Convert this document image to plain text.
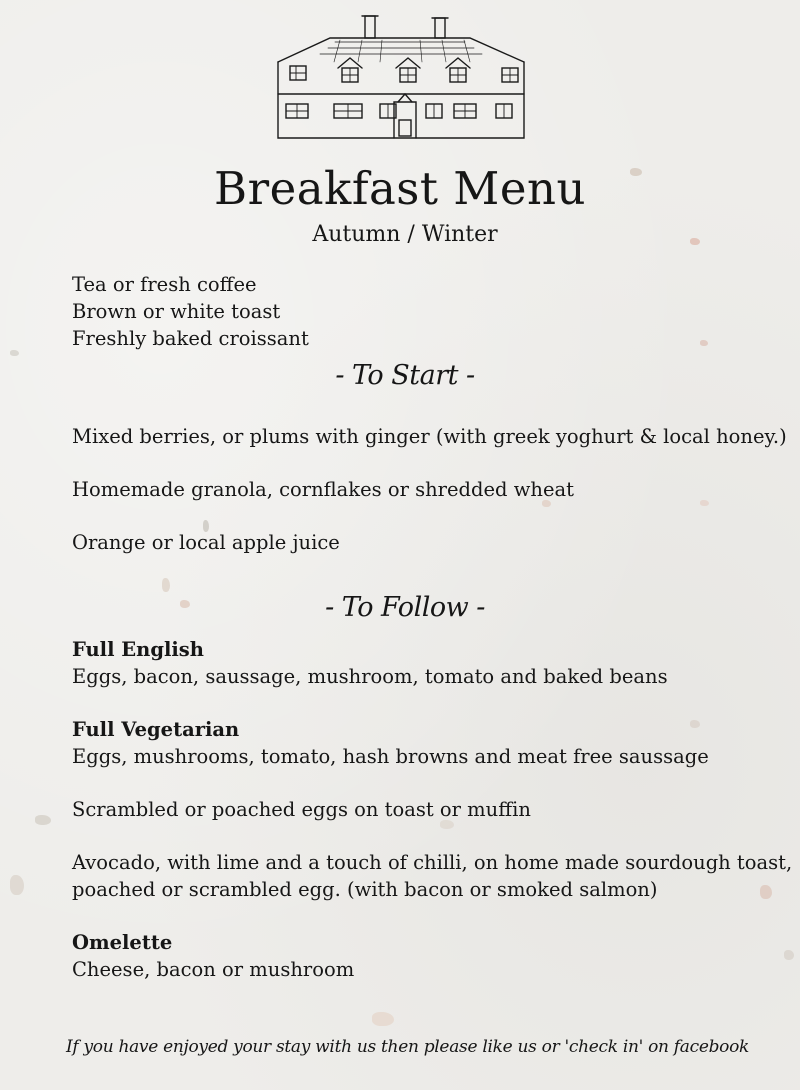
Breakfast Menu
Autumn / Winter
Tea or fresh coffee
Brown or white toast
Freshly baked croissant
- To Start -
Mixed berries, or plums with ginger (with greek yoghurt & local honey.)
Homemade granola, cornflakes or shredded wheat
Orange or local apple juice
- To Follow -
Full English
Eggs, bacon, saussage, mushroom, tomato and baked beans
Full Vegetarian
Eggs, mushrooms, tomato, hash browns and meat free saussage
Scrambled or poached eggs on toast or muffin
Avocado, with lime and a touch of chilli, on home made sourdough toast,
poached or scrambled egg. (with bacon or smoked salmon)
Omelette
Cheese, bacon or mushroom
If you have enjoyed your stay with us then please like us or 'check in' on facebook
